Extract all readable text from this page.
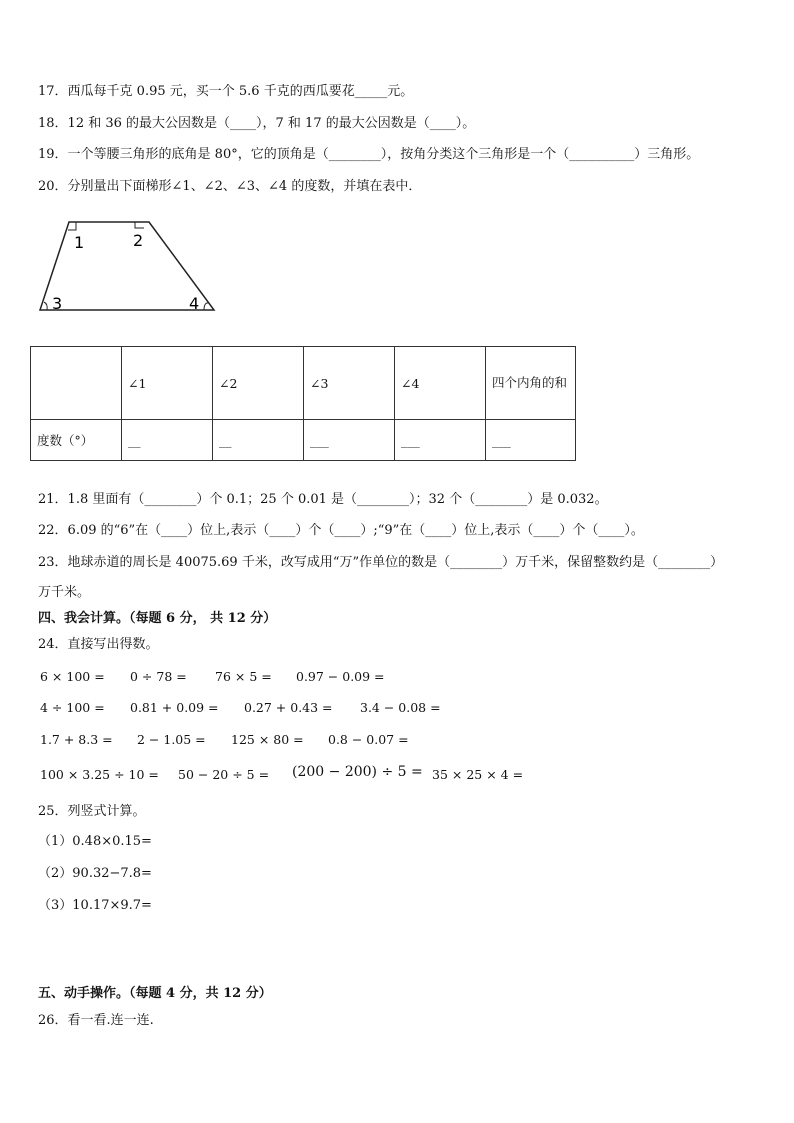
17．西瓜每千克 0.95 元，买一个 5.6 千克的西瓜要花_____元。
18．12 和 36 的最大公因数是（____），7 和 17 的最大公因数是（____）。
19．一个等腰三角形的底角是 80°，它的顶角是（________），按角分类这个三角形是一个（__________）三角形。
20．分别量出下面梯形∠1、∠2、∠3、∠4 的度数，并填在表中．
1	2
3	4
	∠1	∠2	∠3	∠4	四个内角的和
度数（°）	__	__	___	___	___
21．1.8 里面有（________）个 0.1；25 个 0.01 是（________）；32 个（________）是 0.032。
22．6.09 的“6”在（____）位上,表示（____）个（____）;“9”在（____）位上,表示（____）个（____）。
23．地球赤道的周长是 40075.69 千米，改写成用“万”作单位的数是（________）万千米，保留整数约是（________）
万千米。
四、我会计算。（每题 6 分， 共 12 分）
24．直接写出得数。
6 × 100 = 0 ÷ 78 = 76 × 5 = 0.97 − 0.09 =
4 ÷ 100 = 0.81 + 0.09 = 0.27 + 0.43 = 3.4 − 0.08 =
1.7 + 8.3 = 2 − 1.05 = 125 × 80 = 0.8 − 0.07 =
100 × 3.25 ÷ 10 = 50 − 20 ÷ 5 = (200 − 200) ÷ 5 = 35 × 25 × 4 =
25．列竖式计算。
（1）0.48×0.15=
（2）90.32−7.8=
（3）10.17×9.7=
五、动手操作。（每题 4 分，共 12 分）
26．看一看.连一连.
